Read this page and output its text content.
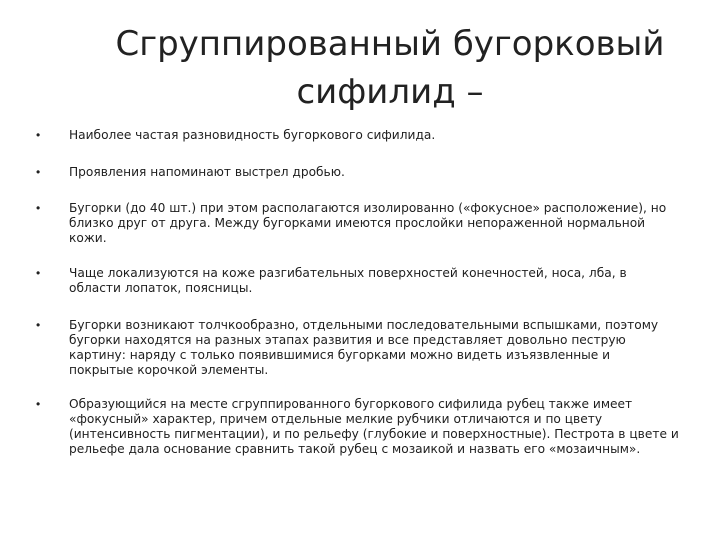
Сгруппированный бугорковый
сифилид –
• Наиболее частая разновидность бугоркового сифилида.
• Проявления напоминают выстрел дробью.
• Бугорки (до 40 шт.) при этом располагаются изолированно («фокусное» расположение), но
близко друг от друга. Между бугорками имеются прослойки непораженной нормальной
кожи.
• Чаще локализуются на коже разгибательных поверхностей конечностей, носа, лба, в
области лопаток, поясницы.
• Бугорки возникают толчкообразно, отдельными последовательными вспышками, поэтому
бугорки находятся на разных этапах развития и все представляет довольно пеструю
картину: наряду с только появившимися бугорками можно видеть изъязвленные и
покрытые корочкой элементы.
• Образующийся на месте сгруппированного бугоркового сифилида рубец также имеет
«фокусный» характер, причем отдельные мелкие рубчики отличаются и по цвету
(интенсивность пигментации), и по рельефу (глубокие и поверхностные). Пестрота в цвете и
рельефе дала основание сравнить такой рубец с мозаикой и назвать его «мозаичным».
